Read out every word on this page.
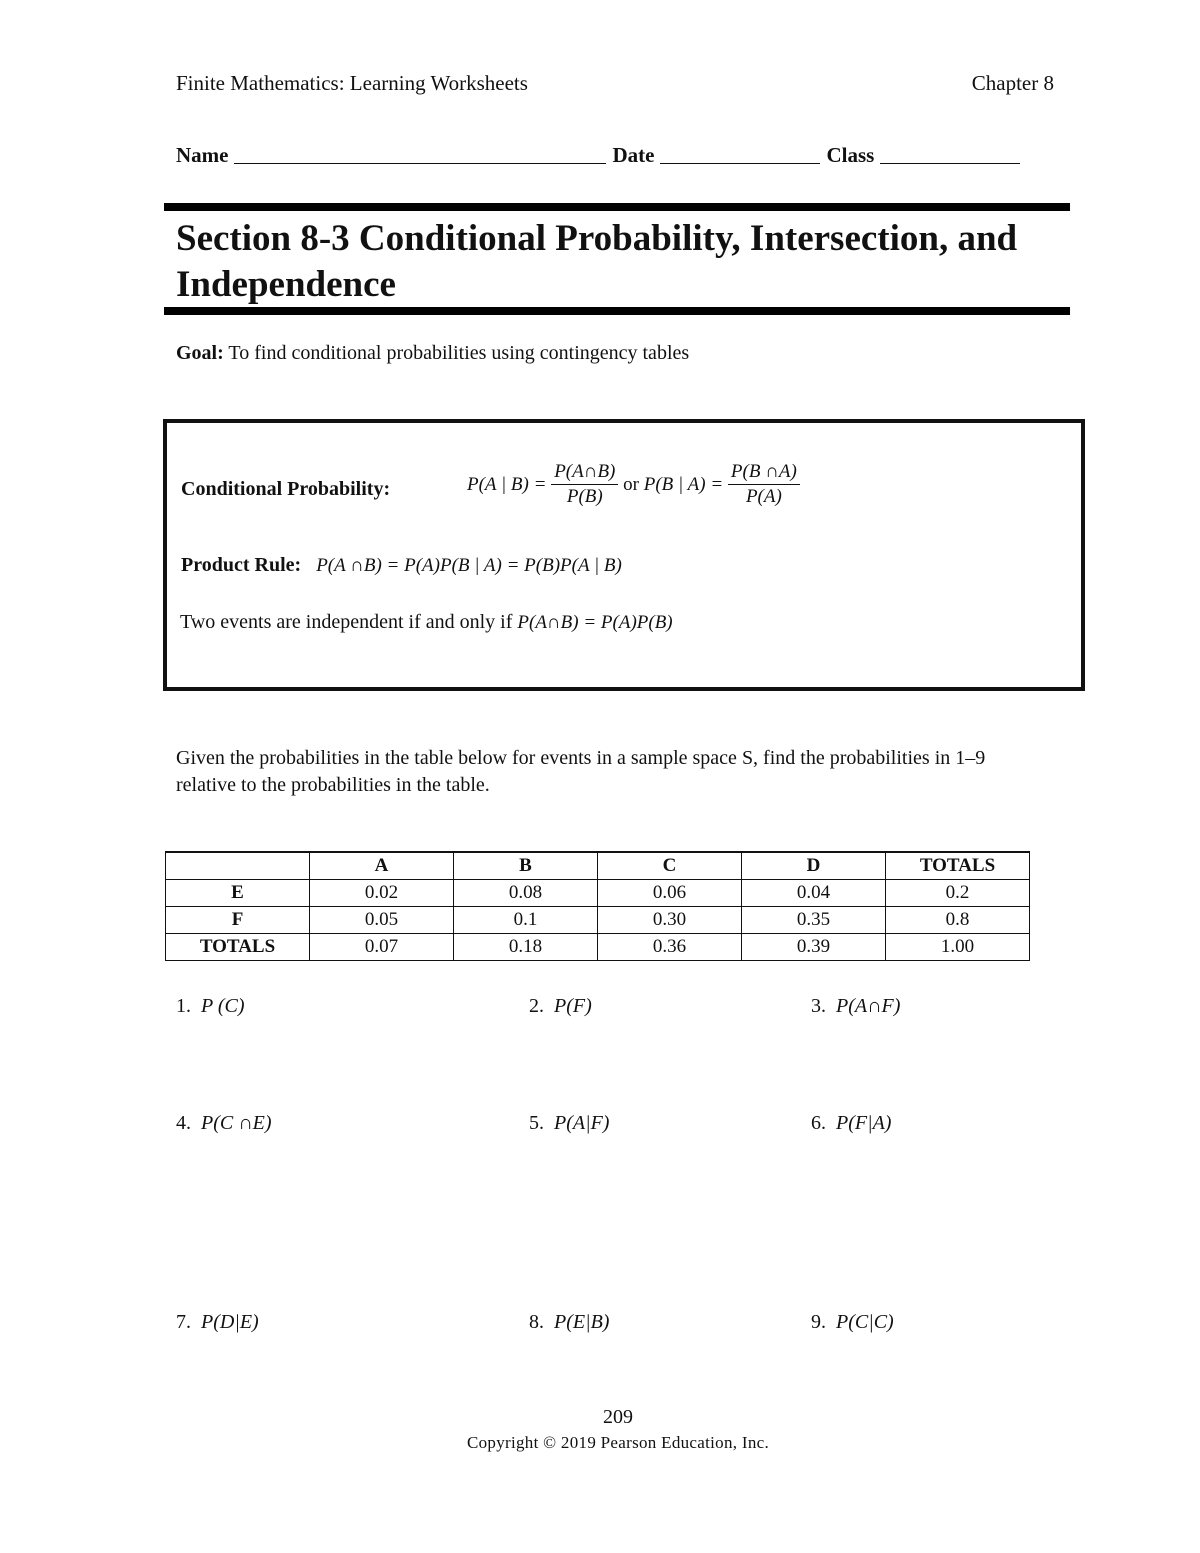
Finite Mathematics: Learning Worksheets	Chapter 8
Name	Date	Class
Section 8-3 Conditional Probability, Intersection, and Independence
Goal: To find conditional probabilities using contingency tables
Conditional Probability:	P(A | $B) = \frac{P(A\cap B)}{P(B)}$ or P(B | $A) = \frac{P(B \cap A)}{P(A)}$
Product Rule: P(A ∩B) = P(A)P(B | A) = P(B)P(A | B)
Two events are independent if and only if P(A∩B) = P(A)P(B)
Given the probabilities in the table below for events in a sample space S, find the probabilities in 1–9 relative to the probabilities in the table.
	A	B	C	D	TOTALS
E	0.02	0.08	0.06	0.04	0.2
F	0.05	0.1	0.30	0.35	0.8
TOTALS	0.07	0.18	0.36	0.39	1.00
1. P (C)	2. P(F)	3. P(A∩F)
4. P(C ∩E)	5. P(A|F)	6. P(F|A)
7. P(D|E)	8. P(E|B)	9. P(C|C)
209
Copyright © 2019 Pearson Education, Inc.
